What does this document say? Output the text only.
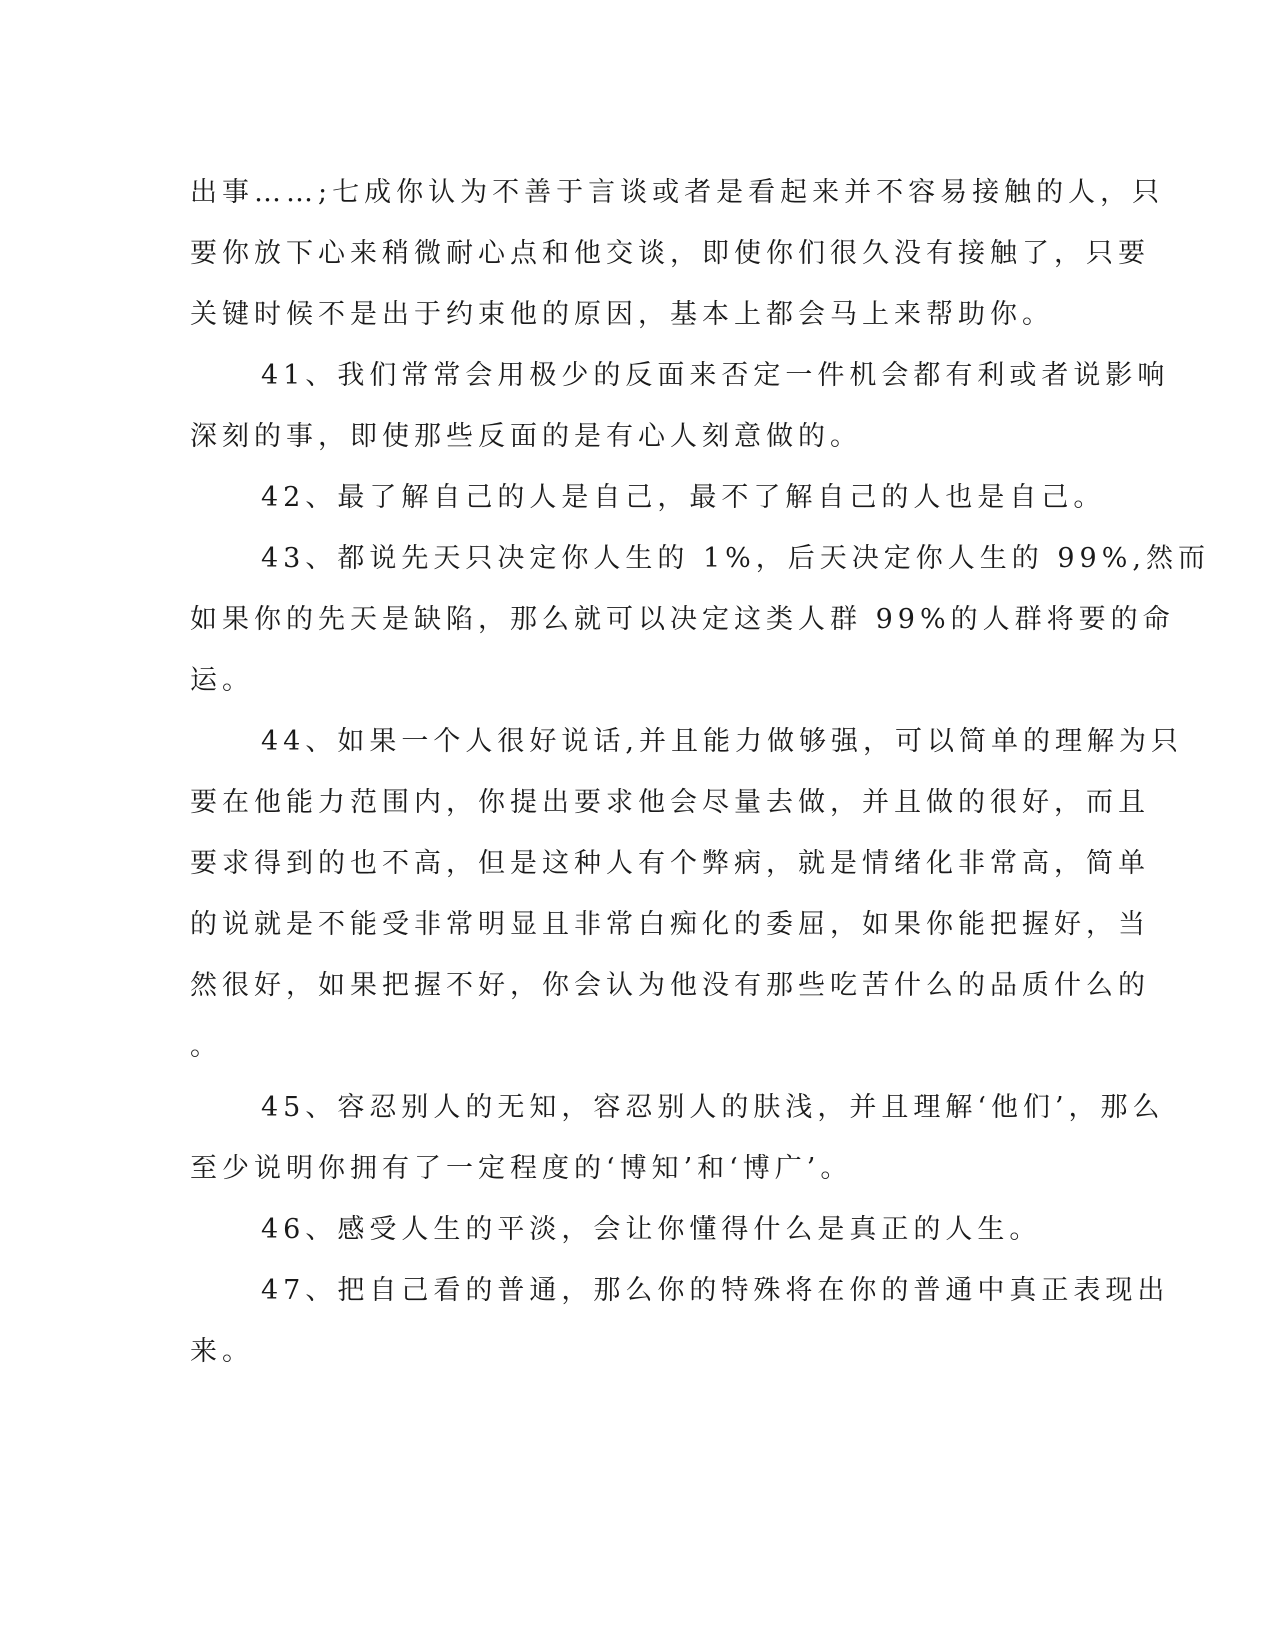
出事……;七成你认为不善于言谈或者是看起来并不容易接触的人，只
要你放下心来稍微耐心点和他交谈，即使你们很久没有接触了，只要
关键时候不是出于约束他的原因，基本上都会马上来帮助你。
41、我们常常会用极少的反面来否定一件机会都有利或者说影响
深刻的事，即使那些反面的是有心人刻意做的。
42、最了解自己的人是自己，最不了解自己的人也是自己。
43、都说先天只决定你人生的 1%，后天决定你人生的 99%,然而
如果你的先天是缺陷，那么就可以决定这类人群 99%的人群将要的命
运。
44、如果一个人很好说话,并且能力做够强，可以简单的理解为只
要在他能力范围内，你提出要求他会尽量去做，并且做的很好，而且
要求得到的也不高，但是这种人有个弊病，就是情绪化非常高，简单
的说就是不能受非常明显且非常白痴化的委屈，如果你能把握好，当
然很好，如果把握不好，你会认为他没有那些吃苦什么的品质什么的
。
45、容忍别人的无知，容忍别人的肤浅，并且理解‘他们’，那么
至少说明你拥有了一定程度的‘博知’和‘博广’。
46、感受人生的平淡，会让你懂得什么是真正的人生。
47、把自己看的普通，那么你的特殊将在你的普通中真正表现出
来。
